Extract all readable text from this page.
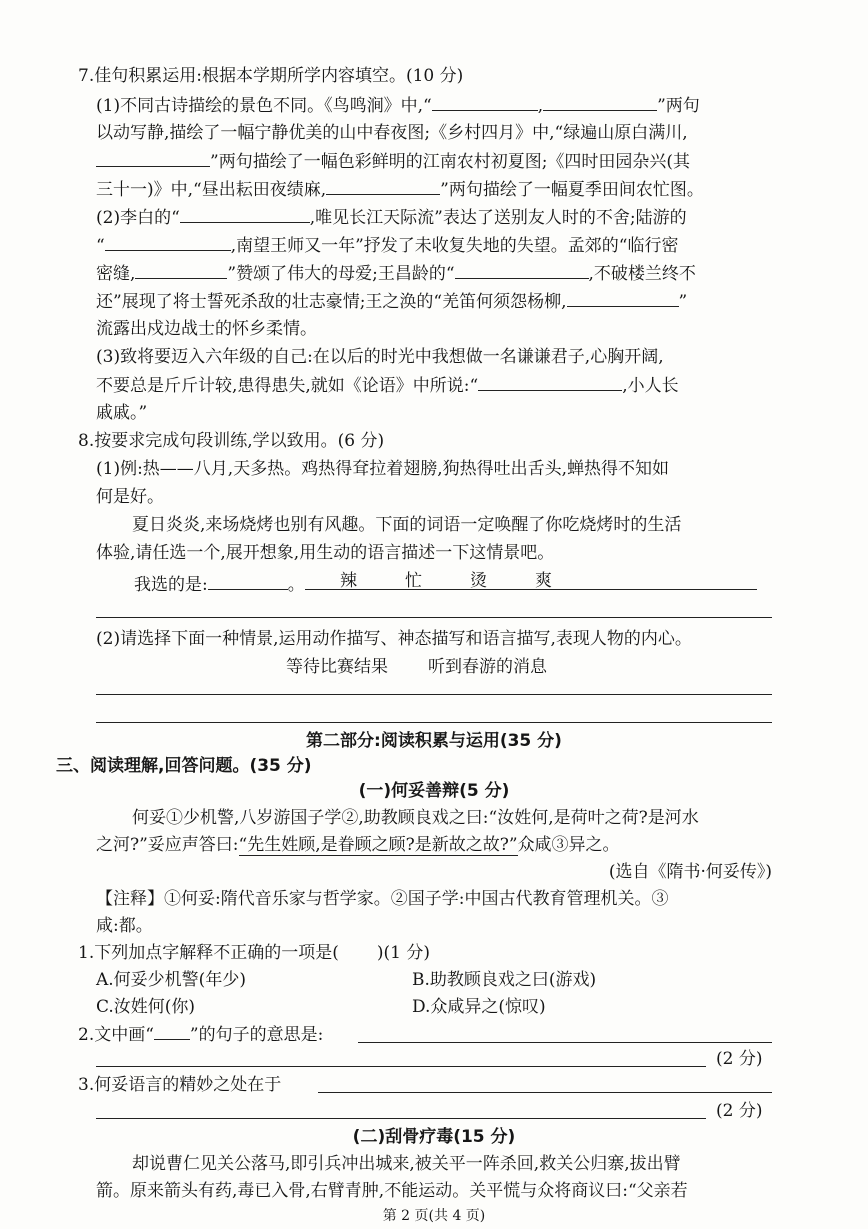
7.佳句积累运用:根据本学期所学内容填空。(10 分)
(1)不同古诗描绘的景色不同。《鸟鸣涧》中,“	,	”两句
以动写静,描绘了一幅宁静优美的山中春夜图;《乡村四月》中,“绿遍山原白满川,
”两句描绘了一幅色彩鲜明的江南农村初夏图;《四时田园杂兴(其
三十一)》中,“昼出耘田夜绩麻,	”两句描绘了一幅夏季田间农忙图。
(2)李白的“	,唯见长江天际流”表达了送别友人时的不舍;陆游的
“	,南望王师又一年”抒发了未收复失地的失望。孟郊的“临行密
密缝,	”赞颂了伟大的母爱;王昌龄的“	,不破楼兰终不
还”展现了将士誓死杀敌的壮志豪情;王之涣的“羌笛何须怨杨柳,	”
流露出戍边战士的怀乡柔情。
(3)致将要迈入六年级的自己:在以后的时光中我想做一名谦谦君子,心胸开阔,
不要总是斤斤计较,患得患失,就如《论语》中所说:“	,小人长
戚戚。”
8.按要求完成句段训练,学以致用。(6 分)
(1)例:热——八月,天多热。鸡热得耷拉着翅膀,狗热得吐出舌头,蝉热得不知如
何是好。
夏日炎炎,来场烧烤也别有风趣。下面的词语一定唤醒了你吃烧烤时的生活
体验,请任选一个,展开想象,用生动的语言描述一下这情景吧。
辣	忙	烫	爽
我选的是:	。
(2)请选择下面一种情景,运用动作描写、神态描写和语言描写,表现人物的内心。
等待比赛结果 听到春游的消息
第二部分:阅读积累与运用(35 分)
三、阅读理解,回答问题。(35 分)
(一)何妥善辩(5 分)
何妥①少机警,八岁游国子学②,助教顾良戏之曰:“汝姓何,是荷叶之荷?是河水
之河?”妥应声答曰:“先生姓顾,是眷顾之顾?是新故之故?”众咸③异之。
(选自《隋书·何妥传》)
【注释】①何妥:隋代音乐家与哲学家。②国子学:中国古代教育管理机关。③
咸:都。
1.下列加点字解释不正确的一项是( )(1 分)
A.何妥少机警(年少)	B.助教顾良戏之曰(游戏)
C.汝姓何(你)	D.众咸异之(惊叹)
2.文中画“ ”的句子的意思是:
(2 分)
3.何妥语言的精妙之处在于
(2 分)
(二)刮骨疗毒(15 分)
却说曹仁见关公落马,即引兵冲出城来,被关平一阵杀回,救关公归寨,拔出臂
箭。原来箭头有药,毒已入骨,右臂青肿,不能运动。关平慌与众将商议曰:“父亲若
第 2 页(共 4 页)
